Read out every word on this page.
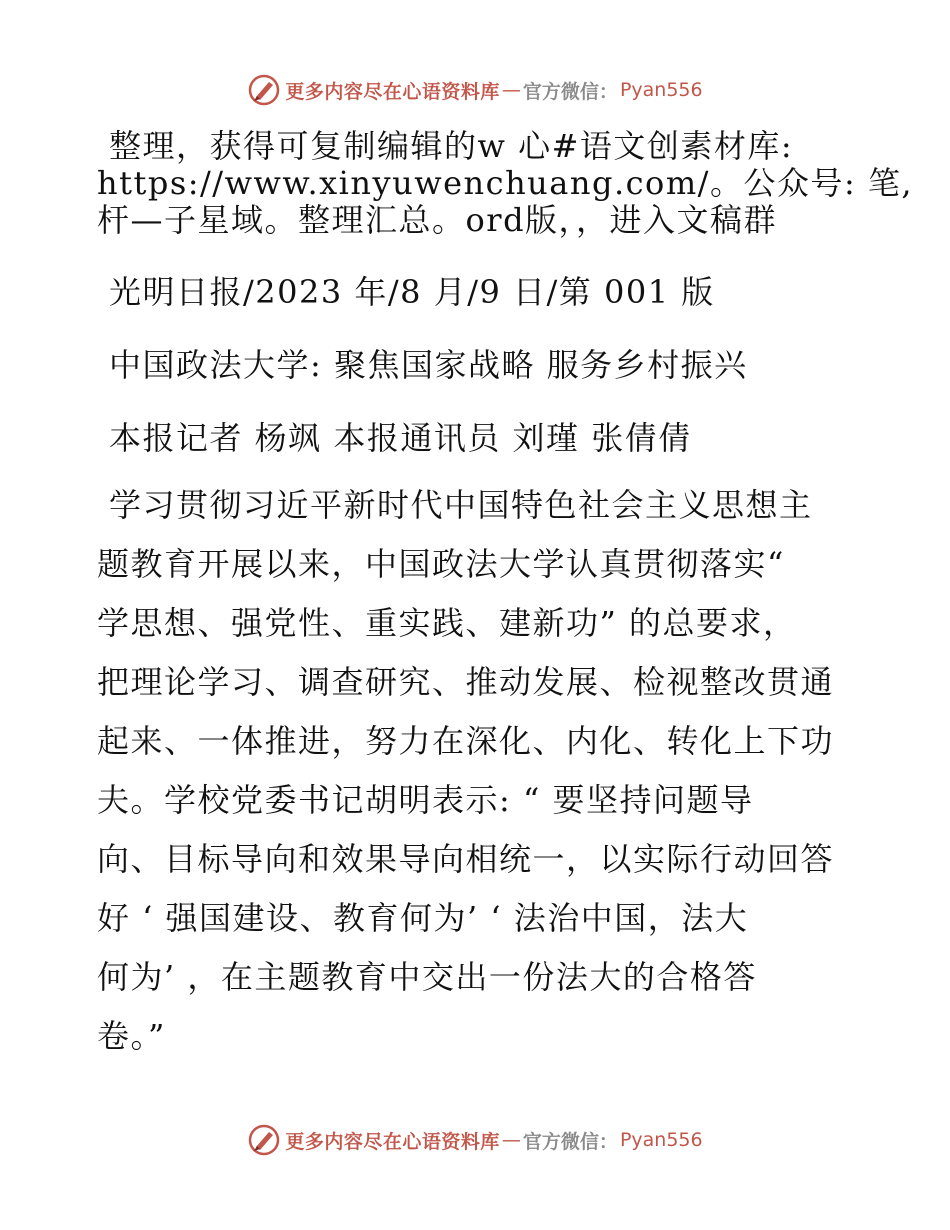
更多内容尽在心语资料库 — 官方微信： Pyan556
整理，获得可复制编辑的w 心#语文创素材库:
https://www.xinyuwenchuang.com/。公众号: 笔,
杆—子星域。整理汇总。ord版，，进入文稿群
光明日报/2023 年/8 月/9 日/第 001 版
中国政法大学: 聚焦国家战略 服务乡村振兴
本报记者 杨飒 本报通讯员 刘瑾 张倩倩
学习贯彻习近平新时代中国特色社会主义思想主
题教育开展以来，中国政法大学认真贯彻落实“
学思想、强党性、重实践、建新功” 的总要求，
把理论学习、调查研究、推动发展、检视整改贯通
起来、一体推进，努力在深化、内化、转化上下功
夫。学校党委书记胡明表示: “ 要坚持问题导
向、目标导向和效果导向相统一，以实际行动回答
好 ‘ 强国建设、教育何为’ ‘ 法治中国，法大
何为’ ，在主题教育中交出一份法大的合格答
卷。”
更多内容尽在心语资料库 — 官方微信： Pyan556
